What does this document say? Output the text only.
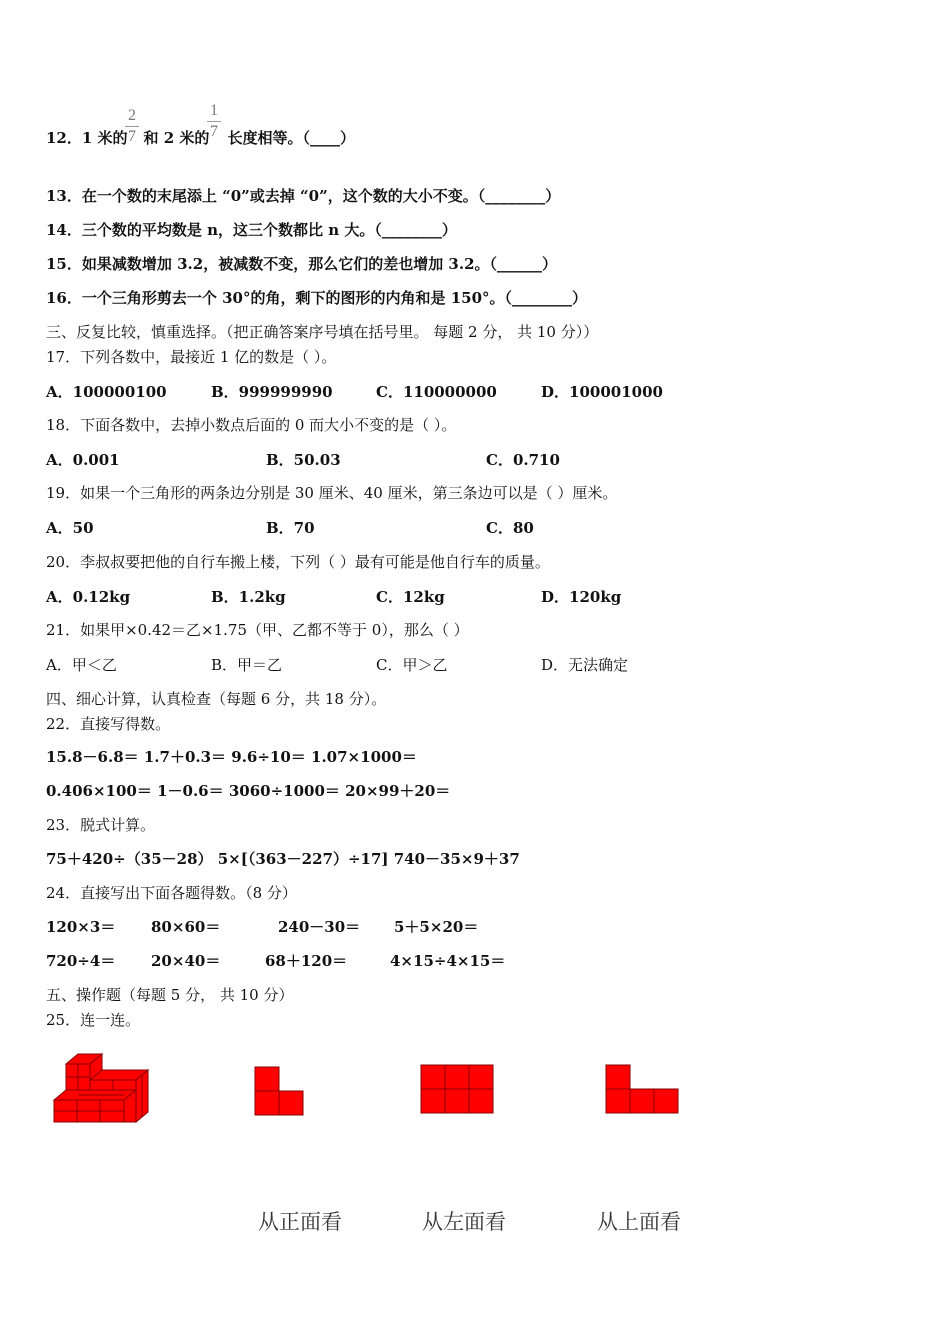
12．1 米的 和 2 米的 长度相等。（____）
2
7
1
7
13．在一个数的末尾添上 “0”或去掉 “0”，这个数的大小不变。（________）
14．三个数的平均数是 n，这三个数都比 n 大。（________）
15．如果减数增加 3.2，被减数不变，那么它们的差也增加 3.2。（______）
16．一个三角形剪去一个 30°的角，剩下的图形的内角和是 150°。（________）
三、反复比较，慎重选择。（把正确答案序号填在括号里。 每题 2 分， 共 10 分））
17．下列各数中，最接近 1 亿的数是（ ）。
A．100000100	B．999999990	C．110000000	D．100001000
18．下面各数中，去掉小数点后面的 0 而大小不变的是（ ）。
A．0.001	B．50.03	C．0.710
19．如果一个三角形的两条边分别是 30 厘米、40 厘米，第三条边可以是（ ）厘米。
A．50	B．70	C．80
20．李叔叔要把他的自行车搬上楼，下列（ ）最有可能是他自行车的质量。
A．0.12kg	B．1.2kg	C．12kg	D．120kg
21．如果甲×0.42＝乙×1.75（甲、乙都不等于 0），那么（ ）
A．甲＜乙	B．甲＝乙	C．甲＞乙	D．无法确定
四、细心计算，认真检查（每题 6 分，共 18 分）。
22．直接写得数。
15.8－6.8＝ 1.7＋0.3＝ 9.6÷10＝ 1.07×1000＝
0.406×100＝ 1－0.6＝ 3060÷1000＝ 20×99＋20＝
23．脱式计算。
75＋420÷（35－28） 5×[（363－227）÷17] 740－35×9＋37
24．直接写出下面各题得数。（8 分）
120×3＝ 80×60＝	240－30＝ 5＋5×20＝
720÷4＝ 20×40＝	68＋120＝	4×15÷4×15＝
五、操作题（每题 5 分， 共 10 分）
25．连一连。
从正面看	从左面看	从上面看
